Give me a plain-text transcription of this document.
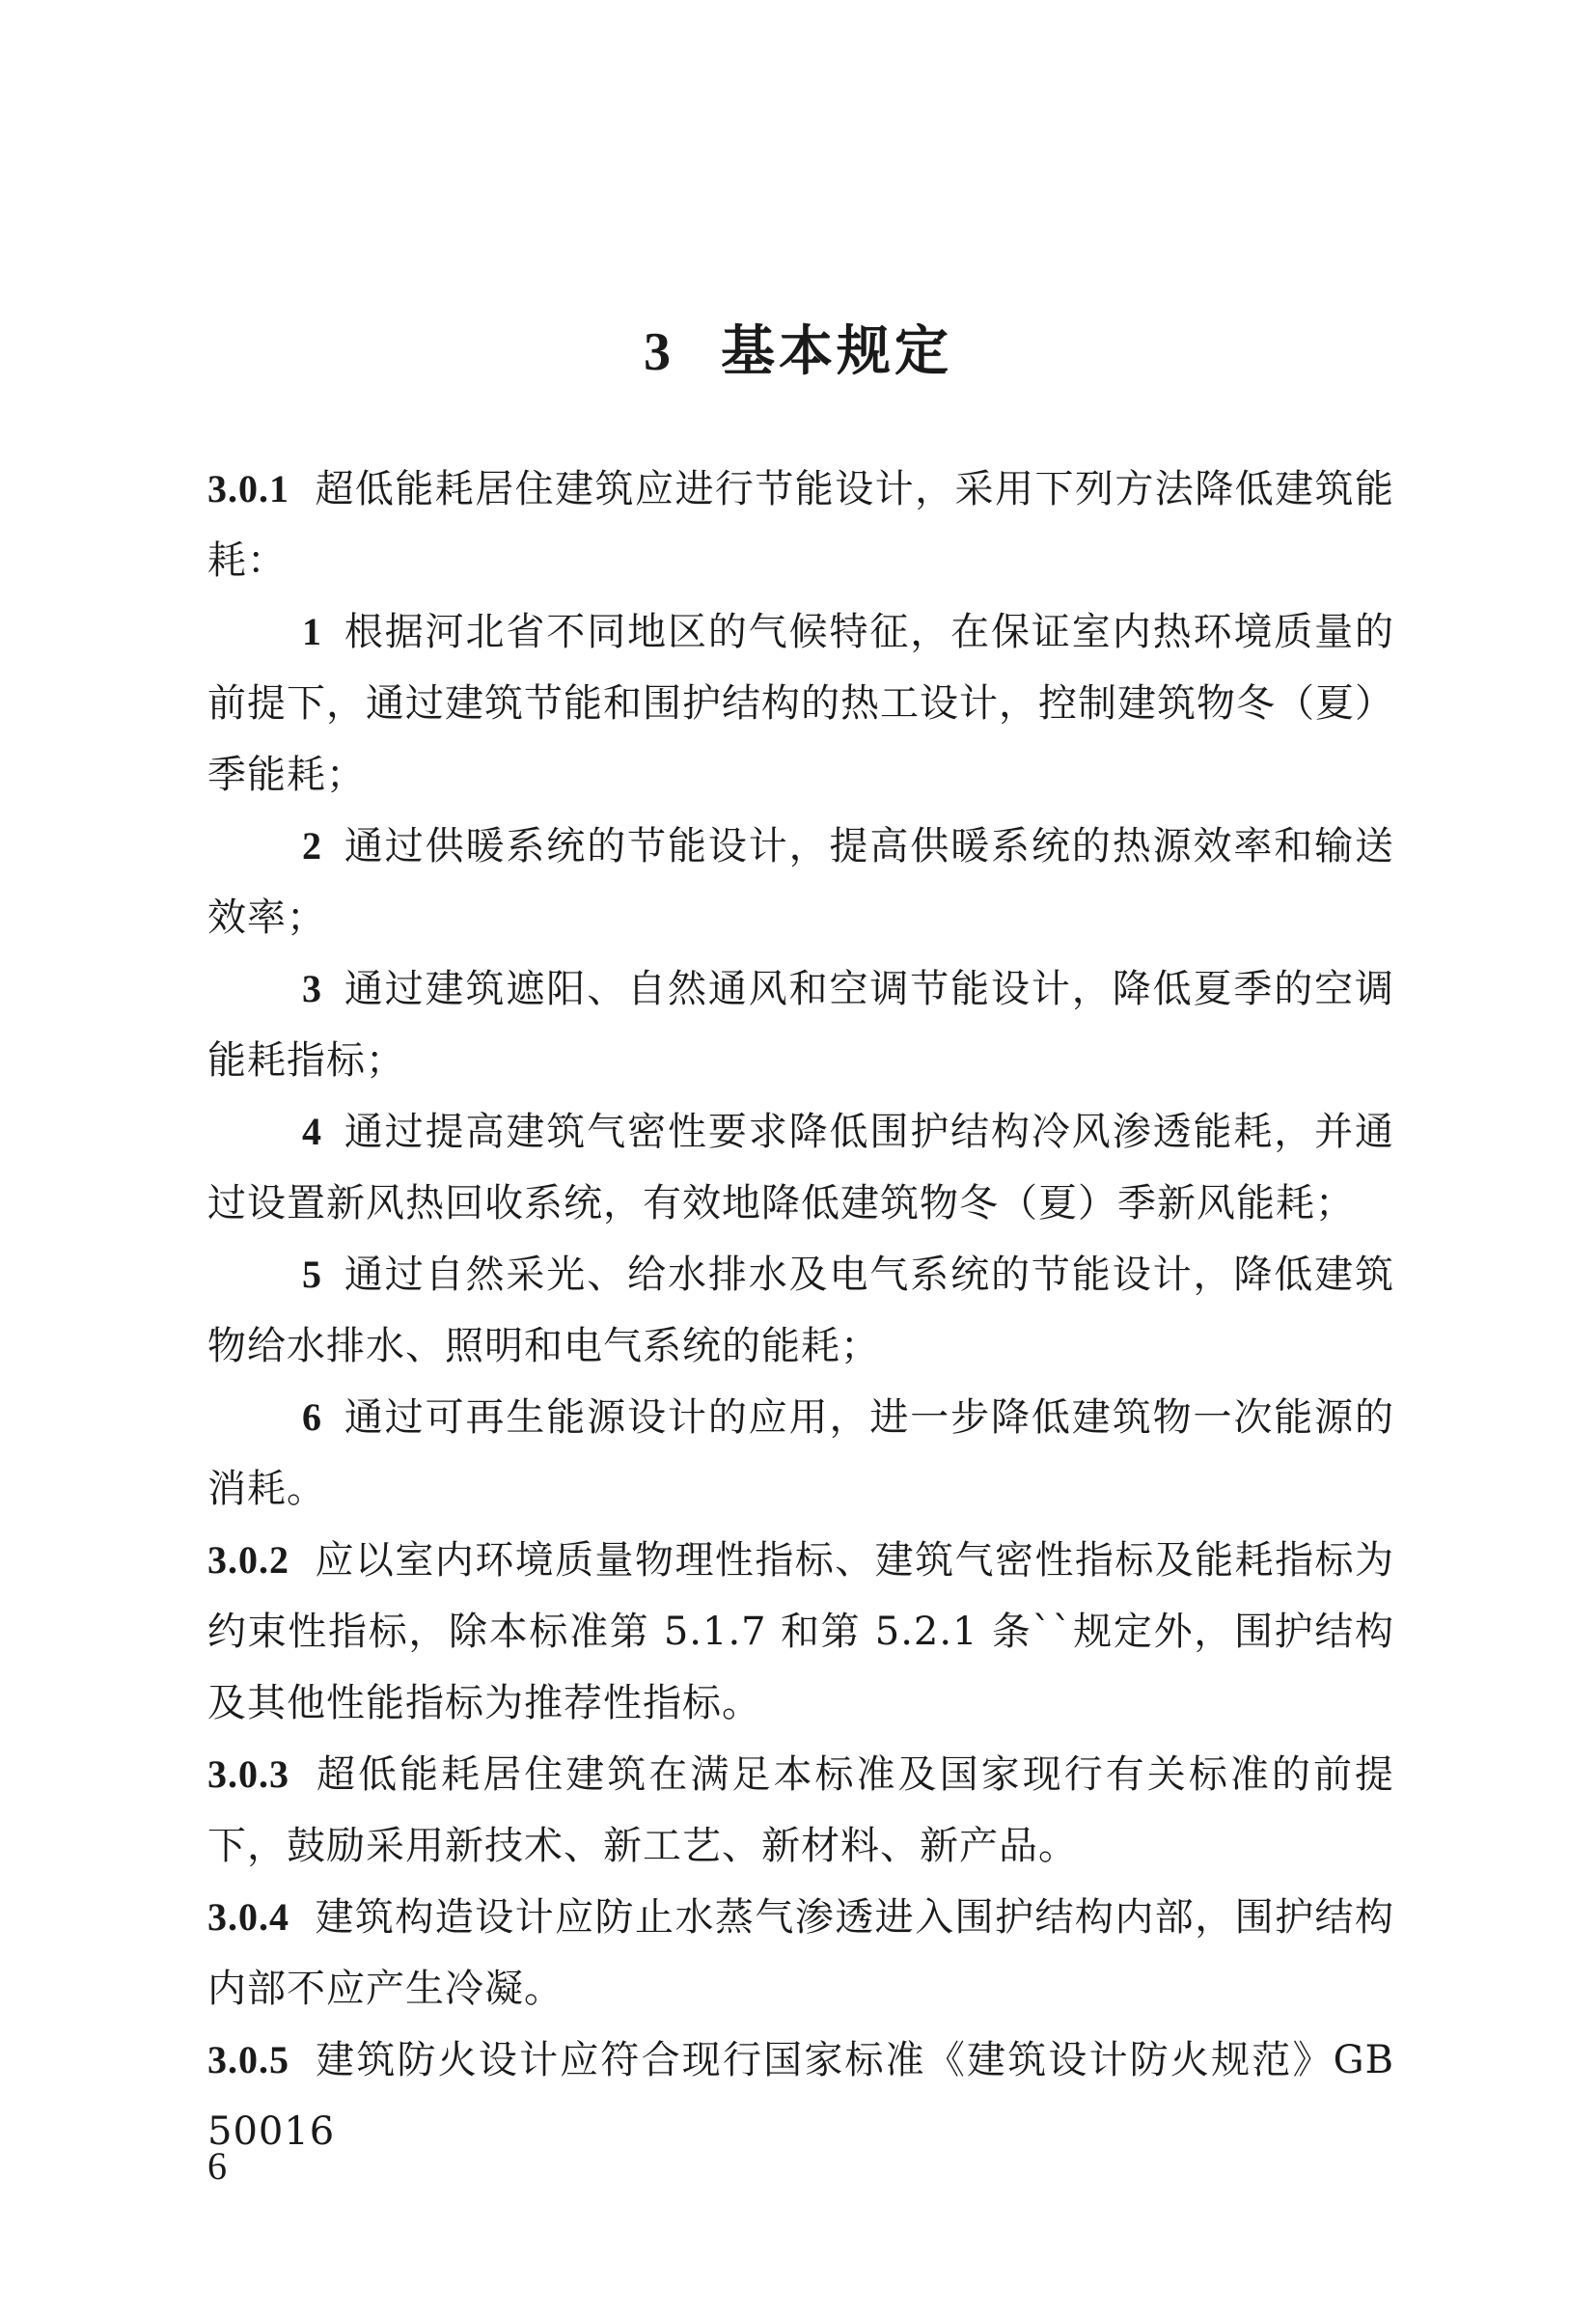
3 基本规定

3.0.1 超低能耗居住建筑应进行节能设计，采用下列方法降低建筑能耗：

1 根据河北省不同地区的气候特征，在保证室内热环境质量的前提下，通过建筑节能和围护结构的热工设计，控制建筑物冬（夏）季能耗；

2 通过供暖系统的节能设计，提高供暖系统的热源效率和输送效率；

3 通过建筑遮阳、自然通风和空调节能设计，降低夏季的空调能耗指标；

4 通过提高建筑气密性要求降低围护结构冷风渗透能耗，并通过设置新风热回收系统，有效地降低建筑物冬（夏）季新风能耗；

5 通过自然采光、给水排水及电气系统的节能设计，降低建筑物给水排水、照明和电气系统的能耗；

6 通过可再生能源设计的应用，进一步降低建筑物一次能源的消耗。

3.0.2 应以室内环境质量物理性指标、建筑气密性指标及能耗指标为约束性指标，除本标准第 5.1.7 和第 5.2.1 条``规定外，围护结构及其他性能指标为推荐性指标。

3.0.3 超低能耗居住建筑在满足本标准及国家现行有关标准的前提下，鼓励采用新技术、新工艺、新材料、新产品。

3.0.4 建筑构造设计应防止水蒸气渗透进入围护结构内部，围护结构内部不应产生冷凝。

3.0.5 建筑防火设计应符合现行国家标准《建筑设计防火规范》GB 50016

6
